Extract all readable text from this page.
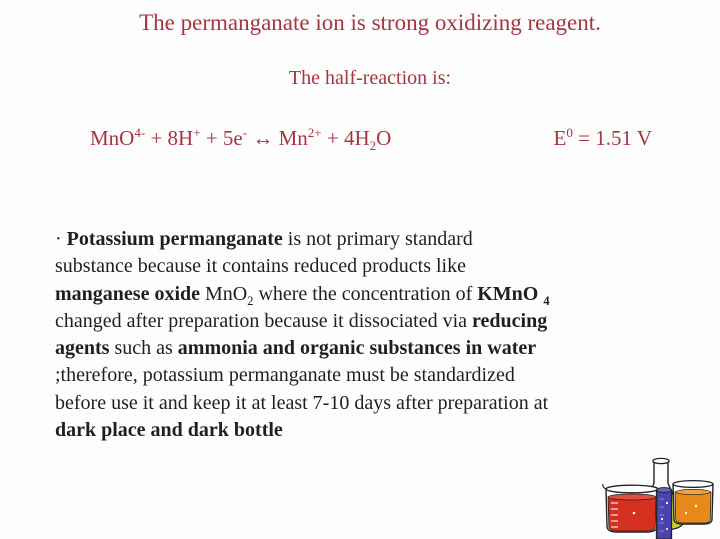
The permanganate ion is strong oxidizing reagent.
The half-reaction is:
MnO$^{4-}$ + 8H+ + 5e- ↔ $Mn^{2+} + 4H_2O$	$E^0 = 1.51$ V
· Potassium permanganate is not primary standard
substance because it contains reduced products like
manganese oxide MnO$_2$ where the concentration of KMnO $_4$
changed after preparation because it dissociated via reducing
agents such as ammonia and organic substances in water
;therefore, potassium permanganate must be standardized
before use it and keep it at least 7-10 days after preparation at
dark place and dark bottle
